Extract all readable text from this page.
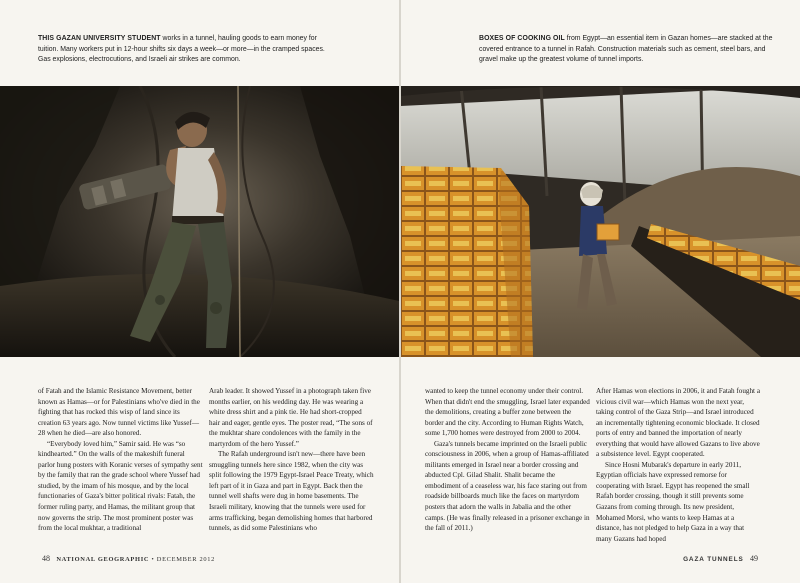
THIS GAZAN UNIVERSITY STUDENT works in a tunnel, hauling goods to earn money for tuition. Many workers put in 12-hour shifts six days a week—or more—in the cramped spaces. Gas explosions, electrocutions, and Israeli air strikes are common.
BOXES OF COOKING OIL from Egypt—an essential item in Gazan homes—are stacked at the covered entrance to a tunnel in Rafah. Construction materials such as cement, steel bars, and gravel make up the greatest volume of tunnel imports.

of Fatah and the Islamic Resistance Movement, better known as Hamas—or for Palestinians who've died in the fighting that has rocked this wisp of land since its creation 63 years ago. Now tunnel victims like Yussef—28 when he died—are also honored.

“Everybody loved him,” Samir said. He was “so kindhearted.” On the walls of the makeshift funeral parlor hung posters with Koranic verses of sympathy sent by the family that ran the grade school where Yussef had studied, by the imam of his mosque, and by the local functionaries of Gaza's bitter political rivals: Fatah, the former ruling party, and Hamas, the militant group that now governs the strip. The most prominent poster was from the local mukhtar, a traditional

Arab leader. It showed Yussef in a photograph taken five months earlier, on his wedding day. He was wearing a white dress shirt and a pink tie. He had short-cropped hair and eager, gentle eyes. The poster read, “The sons of the mukhtar share condolences with the family in the martyrdom of the hero Yussef.”

The Rafah underground isn't new—there have been smuggling tunnels here since 1982, when the city was split following the 1979 Egypt-Israel Peace Treaty, which left part of it in Gaza and part in Egypt. Back then the tunnel well shafts were dug in home basements. The Israeli military, knowing that the tunnels were used for arms trafficking, began demolishing homes that harbored tunnels, as did some Palestinians who

wanted to keep the tunnel economy under their control. When that didn't end the smuggling, Israel later expanded the demolitions, creating a buffer zone between the border and the city. According to Human Rights Watch, some 1,700 homes were destroyed from 2000 to 2004.

Gaza's tunnels became imprinted on the Israeli public consciousness in 2006, when a group of Hamas-affiliated militants emerged in Israel near a border crossing and abducted Cpl. Gilad Shalit. Shalit became the embodiment of a ceaseless war, his face staring out from roadside billboards much like the faces on martyrdom posters that adorn the walls in Jabalia and the other camps. (He was finally released in a prisoner exchange in the fall of 2011.)

After Hamas won elections in 2006, it and Fatah fought a vicious civil war—which Hamas won the next year, taking control of the Gaza Strip—and Israel introduced an incrementally tightening economic blockade. It closed ports of entry and banned the importation of nearly everything that would have allowed Gazans to live above a subsistence level. Egypt cooperated.

Since Hosni Mubarak's departure in early 2011, Egyptian officials have expressed remorse for cooperating with Israel. Egypt has reopened the small Rafah border crossing, though it still prevents some Gazans from coming through. Its new president, Mohamed Morsi, who wants to keep Hamas at a distance, has not pledged to help Gaza in a way that many Gazans had hoped

48 NATIONAL GEOGRAPHIC • DECEMBER 2012	GAZA TUNNELS 49
